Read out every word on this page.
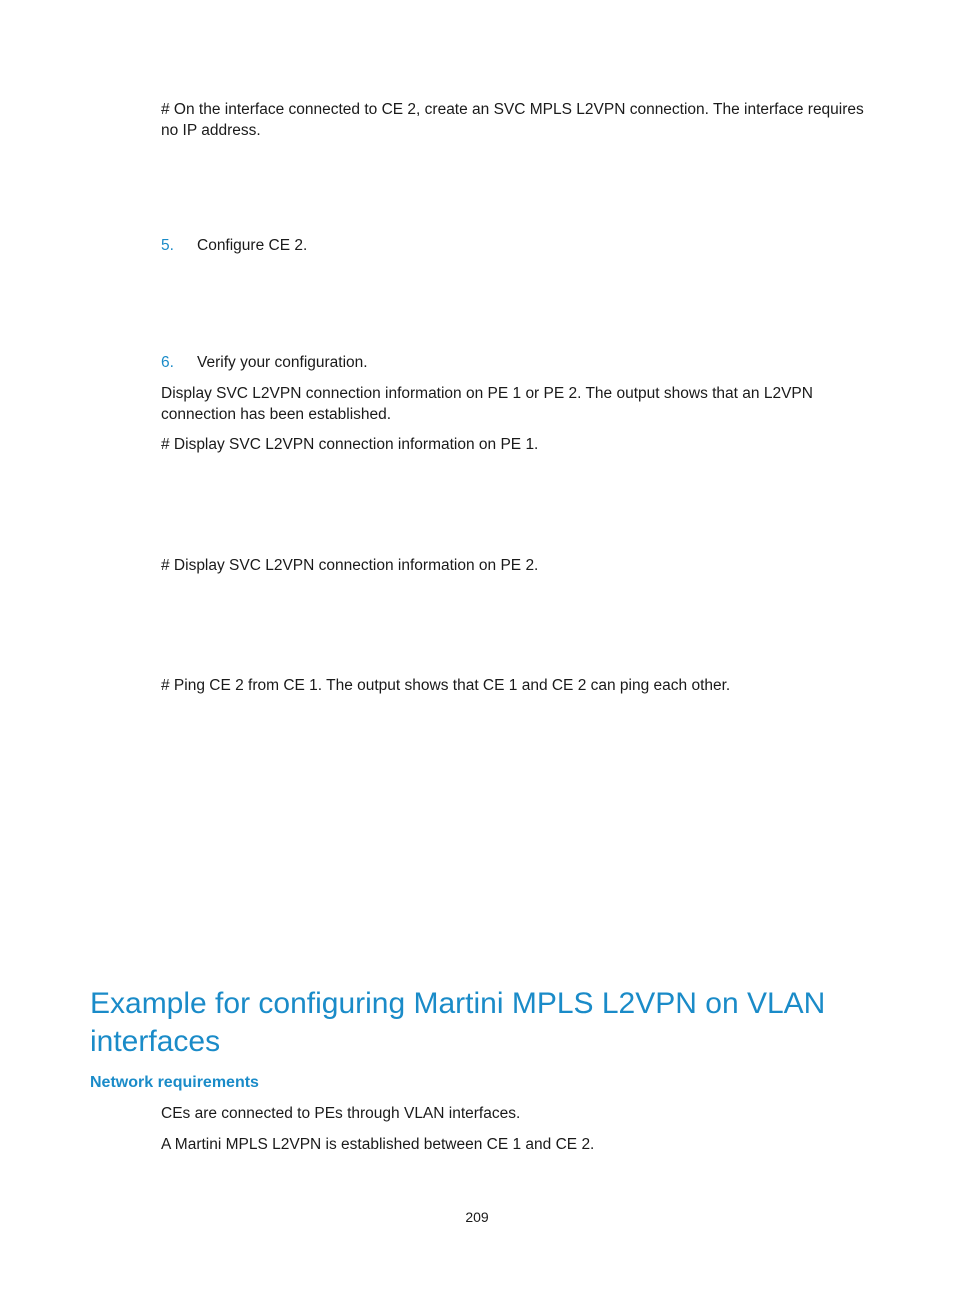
# On the interface connected to CE 2, create an SVC MPLS L2VPN connection. The interface requires no IP address.

5. Configure CE 2.
6. Verify your configuration.

Display SVC L2VPN connection information on PE 1 or PE 2. The output shows that an L2VPN connection has been established.

# Display SVC L2VPN connection information on PE 1.

# Display SVC L2VPN connection information on PE 2.

# Ping CE 2 from CE 1. The output shows that CE 1 and CE 2 can ping each other.

Example for configuring Martini MPLS L2VPN on VLAN interfaces
Network requirements

CEs are connected to PEs through VLAN interfaces.

A Martini MPLS L2VPN is established between CE 1 and CE 2.

209
